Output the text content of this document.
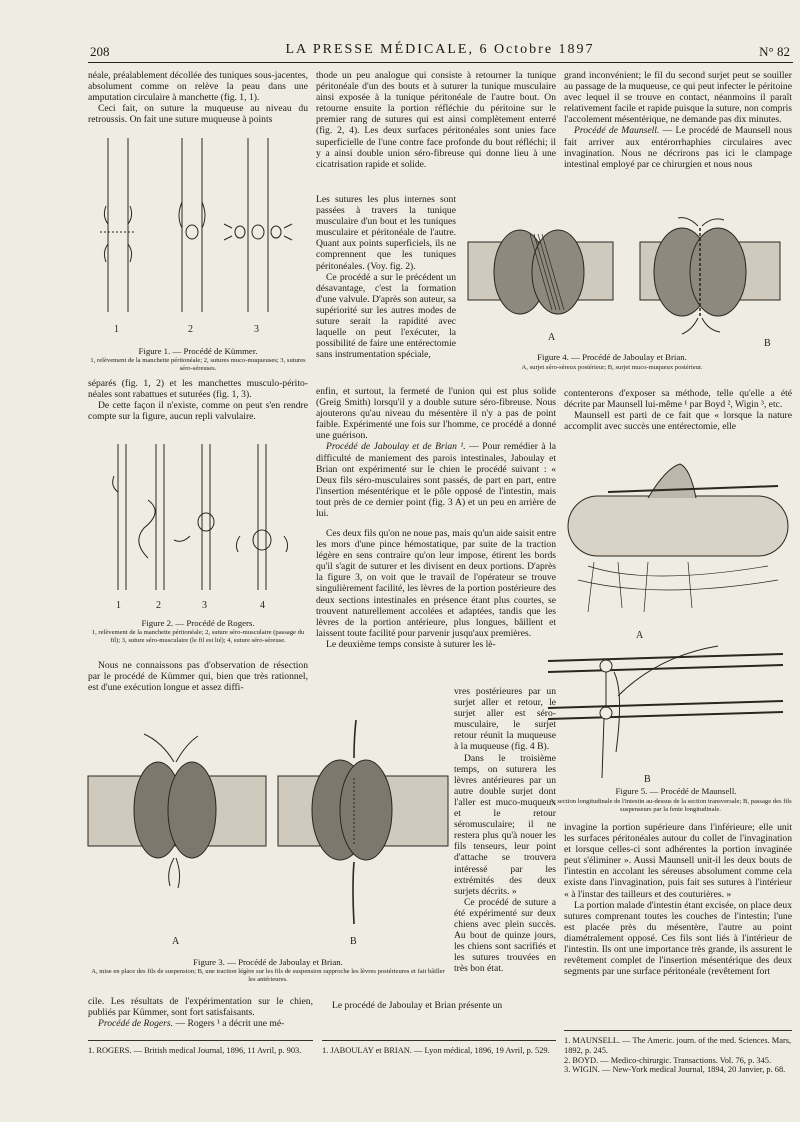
208	LA PRESSE MÉDICALE, 6 Octobre 1897	N° 82

néale, préalablement décollée des tuniques sous-jacentes, absolument comme on relève la peau dans une amputation circulaire à manchette (fig. 1, 1).

Ceci fait, on suture la muqueuse au niveau du retroussis. On fait une suture muqueuse à points

1	2	3
Figure 1. — Procédé de Kümmer.
1, relèvement de la manchette péritonéale; 2, sutures muco-muqueuses; 3, sutures séro-séreuses.

séparés (fig. 1, 2) et les manchettes musculo-périto-néales sont rabattues et suturées (fig. 1, 3).

De cette façon il n'existe, comme on peut s'en rendre compte sur la figure, aucun repli valvulaire.

1	2	3	4
Figure 2. — Procédé de Rogers.
1, relèvement de la manchette péritonéale; 2, suture séro-musculaire (passage du fil); 3, suture séro-musculaire (le fil est lié); 4, suture séro-séreuse.

Nous ne connaissons pas d'observation de résection par le procédé de Kümmer qui, bien que très rationnel, est d'une exécution longue et assez diffi-

thode un peu analogue qui consiste à retourner la tunique péritonéale d'un des bouts et à suturer la tunique musculaire ainsi exposée à la tunique péritonéale de l'autre bout. On retourne ensuite la portion réfléchie du péritoine sur le premier rang de sutures qui est ainsi complètement enterré (fig. 2, 4). Les deux surfaces péritonéales sont unies face superficielle de l'une contre face profonde du bout réfléchi; il y a ainsi double union séro-fibreuse qui donne lieu à une cicatrisation rapide et solide.

Les sutures les plus internes sont passées à travers la tunique musculaire d'un bout et les tuniques musculaire et péritonéale de l'autre. Quant aux points superficiels, ils ne comprennent que les tuniques péritonéales. (Voy. fig. 2).

Ce procédé a sur le précédent un désavantage, c'est la formation d'une valvule. D'après son auteur, sa supériorité sur les autres modes de suture serait la rapidité avec laquelle on peut l'exécuter, la possibilité de faire une entérectomie sans instrumentation spéciale,

enfin, et surtout, la fermeté de l'union qui est plus solide (Greig Smith) lorsqu'il y a double suture séro-fibreuse. Nous ajouterons qu'au niveau du mésentère il n'y a pas de point faible. Expérimenté une fois sur l'homme, ce procédé a donné une guérison.

Procédé de Jaboulay et de Brian ¹. — Pour remédier à la difficulté de maniement des parois intestinales, Jaboulay et Brian ont expérimenté sur le chien le procédé suivant : « Deux fils séro-musculaires sont passés, de part en part, entre l'insertion mésentérique et le pôle opposé de l'intestin, mais tout près de ce dernier point (fig. 3 A) et un peu en arrière de lui.

Ces deux fils qu'on ne noue pas, mais qu'un aide saisit entre les mors d'une pince hémostatique, par suite de la traction légère en sens contraire qu'on leur impose, étirent les bords qu'il s'agit de suturer et les divisent en deux portions. D'après la figure 3, on voit que le travail de l'opérateur se trouve singulièrement facilité, les lèvres de la portion postérieure des deux sections intestinales en présence étant plus courtes, se trouvent naturellement accolées et adaptées, tandis que les lèvres de la portion antérieure, plus longues, bâillent et laissent toute facilité pour parvenir jusqu'aux premières.

Le deuxième temps consiste à suturer les lè-

vres postérieures par un surjet aller et retour, le surjet aller est séro-musculaire, le surjet retour réunit la muqueuse à la muqueuse (fig. 4 B).

Dans le troisième temps, on suturera les lèvres antérieures par un autre double surjet dont l'aller est muco-muqueux et le retour séromusculaire; il ne restera plus qu'à nouer les fils tenseurs, leur point d'attache se trouvera intéressé par les extrémités des deux surjets décrits. »

Ce procédé de suture a été expérimenté sur deux chiens avec plein succès. Au bout de quinze jours, les chiens sont sacrifiés et les sutures trouvées en très bon état.

A
B
Figure 4. — Procédé de Jaboulay et Brian.
A, surjet séro-séreux postérieur; B, surjet muco-muqueux postérieur.
A	B
Figure 3. — Procédé de Jaboulay et Brian.
A, mise en place des fils de suspension; B, une traction légère sur les fils de suspension rapproche les lèvres postérieures et fait bâiller les antérieures.

cile. Les résultats de l'expérimentation sur le chien, publiés par Kümmer, sont fort satisfaisants.

Procédé de Rogers. — Rogers ¹ a décrit une mé-

Le procédé de Jaboulay et Brian présente un

grand inconvénient; le fil du second surjet peut se souiller au passage de la muqueuse, ce qui peut infecter le péritoine avec lequel il se trouve en contact, néanmoins il paraît relativement facile et rapide puisque la suture, non compris l'accolement mésentérique, ne demande pas dix minutes.

Procédé de Maunsell. — Le procédé de Maunsell nous fait arriver aux entérorrhaphies circulaires avec invagination. Nous ne décrirons pas ici le clampage intestinal employé par ce chirurgien et nous nous

contenterons d'exposer sa méthode, telle qu'elle a été décrite par Maunsell lui-même ¹ par Boyd ², Wigin ³, etc.

Maunsell est parti de ce fait que « lorsque la nature accomplit avec succès une entérectomie, elle

A
B
Figure 5. — Procédé de Maunsell.
A, section longitudinale de l'intestin au-dessus de la section transversale; B, passage des fils suspenseurs par la fente longitudinale.

invagine la portion supérieure dans l'inférieure; elle unit les surfaces péritonéales autour du collet de l'invagination et lorsque celles-ci sont adhérentes la portion invaginée peut s'éliminer ». Aussi Maunsell unit-il les deux bouts de l'intestin en accolant les séreuses absolument comme cela existe dans l'invagination, puis fait ses sutures à l'intérieur « à l'instar des tailleurs et des couturières. »

La portion malade d'intestin étant excisée, on place deux sutures comprenant toutes les couches de l'intestin; l'une est placée près du mésentère, l'autre au point diamétralement opposé. Ces fils sont liés à l'intérieur de l'intestin. Ils ont une importance très grande, ils assurent le revêtement complet de l'insertion mésentérique des deux segments par une surface péritonéale (revêtement fort

1. ROGERS. — British medical Journal, 1896, 11 Avril, p. 903.	1. JABOULAY et BRIAN. — Lyon médical, 1896, 19 Avril, p. 529.
1. MAUNSELL. — The Americ. journ. of the med. Sciences. Mars, 1892, p. 245.
2. BOYD. — Medico-chirurgic. Transactions. Vol. 76, p. 345.
3. WIGIN. — New-York medical Journal, 1894, 20 Janvier, p. 68.
